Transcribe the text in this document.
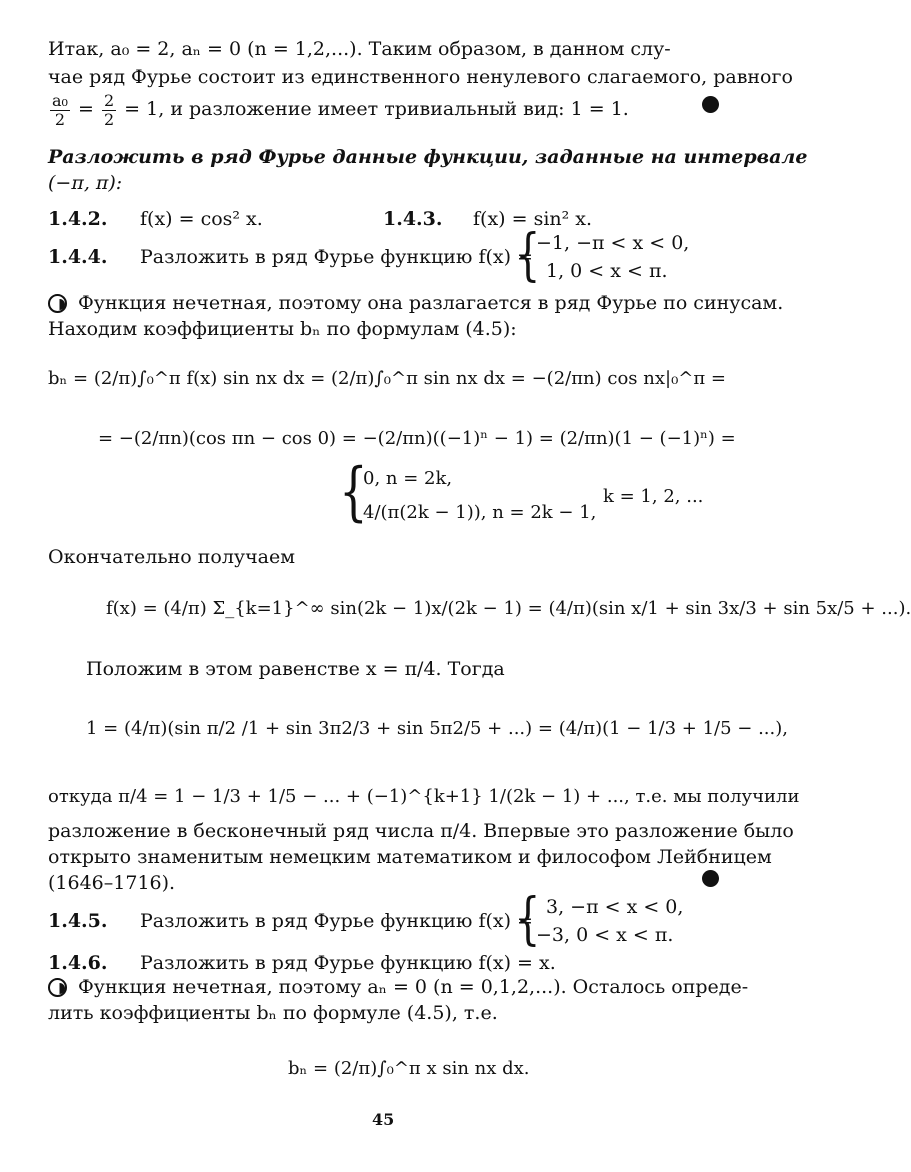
Итак, a₀ = 2, aₙ = 0 (n = 1,2,...). Таким образом, в данном слу-
чае ряд Фурье состоит из единственного ненулевого слагаемого, равного
$\frac{\text{a₀}}{2} = \frac{2}{2} = 1$, и разложение имеет тривиальный вид: 1 = 1.
Разложить в ряд Фурье данные функции, заданные на интервале
(−π, π):
1.4.2. f(x) = cos² x.	1.4.3. f(x) = sin² x.
1.4.4. Разложить в ряд Фурье функцию f(x) =
{
−1, −π < x < 0,
1, 0 < x < π.
Функция нечетная, поэтому она разлагается в ряд Фурье по синусам.
Находим коэффициенты bₙ по формулам (4.5):
bₙ = (2/π)∫₀^π f(x) sin nx dx = (2/π)∫₀^π sin nx dx = −(2/πn) cos nx|₀^π =
= −(2/πn)(cos πn − cos 0) = −(2/πn)((−1)ⁿ − 1) = (2/πn)(1 − (−1)ⁿ) =
{
0, n = 2k,
4/(π(2k − 1)), n = 2k − 1,
k = 1, 2, ...
Окончательно получаем
f(x) = (4/π) Σ_{k=1}^∞ sin(2k − 1)x/(2k − 1) = (4/π)(sin x/1 + sin 3x/3 + sin 5x/5 + ...).
Положим в этом равенстве x = π/4. Тогда
1 = (4/π)(sin π/2 /1 + sin 3π2/3 + sin 5π2/5 + ...) = (4/π)(1 − 1/3 + 1/5 − ...),
откуда π/4 = 1 − 1/3 + 1/5 − ... + (−1)^{k+1} 1/(2k − 1) + ..., т.е. мы получили
разложение в бесконечный ряд числа π/4. Впервые это разложение было
открыто знаменитым немецким математиком и философом Лейбницем
(1646–1716).
1.4.5. Разложить в ряд Фурье функцию f(x) =
{ 3, −π < x < 0,
−3, 0 < x < π.
1.4.6. Разложить в ряд Фурье функцию f(x) = x.
Функция нечетная, поэтому aₙ = 0 (n = 0,1,2,...). Осталось опреде-
лить коэффициенты bₙ по формуле (4.5), т.е.
bₙ = (2/π)∫₀^π x sin nx dx.
45
